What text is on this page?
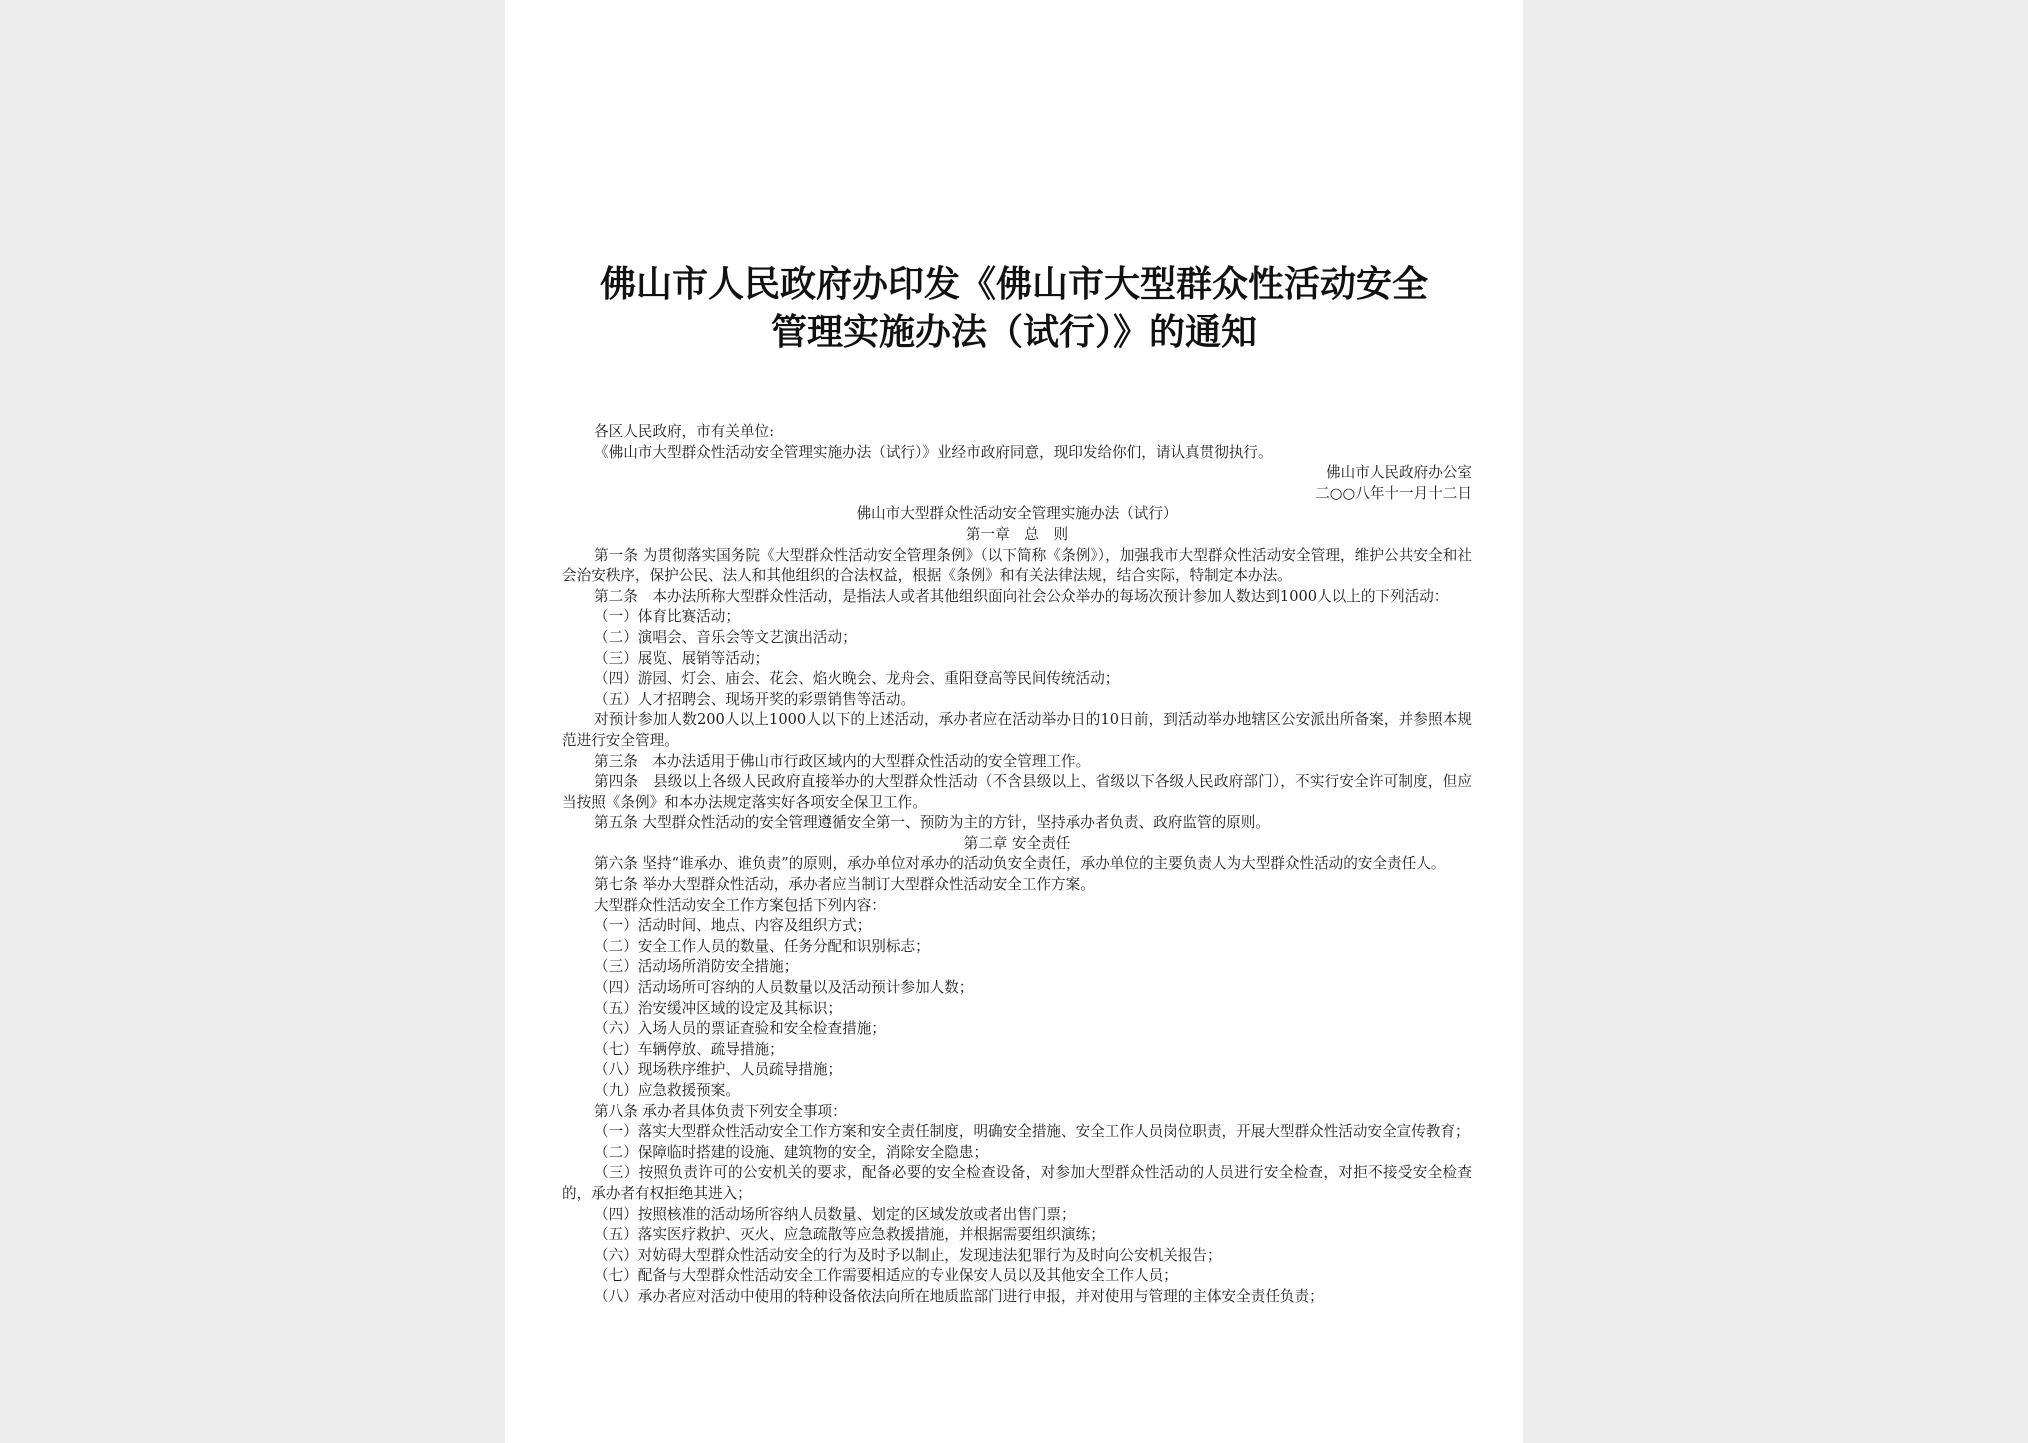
佛山市人民政府办印发《佛山市大型群众性活动安全
管理实施办法（试行）》的通知

各区人民政府，市有关单位:

《佛山市大型群众性活动安全管理实施办法（试行）》业经市政府同意，现印发给你们，请认真贯彻执行。

佛山市人民政府办公室

二○○八年十一月十二日

佛山市大型群众性活动安全管理实施办法（试行）

第一章　总　则

第一条 为贯彻落实国务院《大型群众性活动安全管理条例》（以下简称《条例》），加强我市大型群众性活动安全管理，维护公共安全和社会治安秩序，保护公民、法人和其他组织的合法权益，根据《条例》和有关法律法规，结合实际，特制定本办法。

第二条　本办法所称大型群众性活动，是指法人或者其他组织面向社会公众举办的每场次预计参加人数达到1000人以上的下列活动：

（一）体育比赛活动；

（二）演唱会、音乐会等文艺演出活动；

（三）展览、展销等活动；

（四）游园、灯会、庙会、花会、焰火晚会、龙舟会、重阳登高等民间传统活动；

（五）人才招聘会、现场开奖的彩票销售等活动。

对预计参加人数200人以上1000人以下的上述活动，承办者应在活动举办日的10日前，到活动举办地辖区公安派出所备案，并参照本规范进行安全管理。

第三条　本办法适用于佛山市行政区域内的大型群众性活动的安全管理工作。

第四条　县级以上各级人民政府直接举办的大型群众性活动（不含县级以上、省级以下各级人民政府部门），不实行安全许可制度，但应当按照《条例》和本办法规定落实好各项安全保卫工作。

第五条 大型群众性活动的安全管理遵循安全第一、预防为主的方针，坚持承办者负责、政府监管的原则。

第二章 安全责任

第六条 坚持“谁承办、谁负责”的原则，承办单位对承办的活动负安全责任，承办单位的主要负责人为大型群众性活动的安全责任人。

第七条 举办大型群众性活动，承办者应当制订大型群众性活动安全工作方案。

大型群众性活动安全工作方案包括下列内容：

（一）活动时间、地点、内容及组织方式；

（二）安全工作人员的数量、任务分配和识别标志；

（三）活动场所消防安全措施；

（四）活动场所可容纳的人员数量以及活动预计参加人数；

（五）治安缓冲区域的设定及其标识；

（六）入场人员的票证查验和安全检查措施；

（七）车辆停放、疏导措施；

（八）现场秩序维护、人员疏导措施；

（九）应急救援预案。

第八条 承办者具体负责下列安全事项：

（一）落实大型群众性活动安全工作方案和安全责任制度，明确安全措施、安全工作人员岗位职责，开展大型群众性活动安全宣传教育；

（二）保障临时搭建的设施、建筑物的安全，消除安全隐患；

（三）按照负责许可的公安机关的要求，配备必要的安全检查设备，对参加大型群众性活动的人员进行安全检查，对拒不接受安全检查的，承办者有权拒绝其进入；

（四）按照核准的活动场所容纳人员数量、划定的区域发放或者出售门票；

（五）落实医疗救护、灭火、应急疏散等应急救援措施，并根据需要组织演练；

（六）对妨碍大型群众性活动安全的行为及时予以制止，发现违法犯罪行为及时向公安机关报告；

（七）配备与大型群众性活动安全工作需要相适应的专业保安人员以及其他安全工作人员；

（八）承办者应对活动中使用的特种设备依法向所在地质监部门进行申报，并对使用与管理的主体安全责任负责；
